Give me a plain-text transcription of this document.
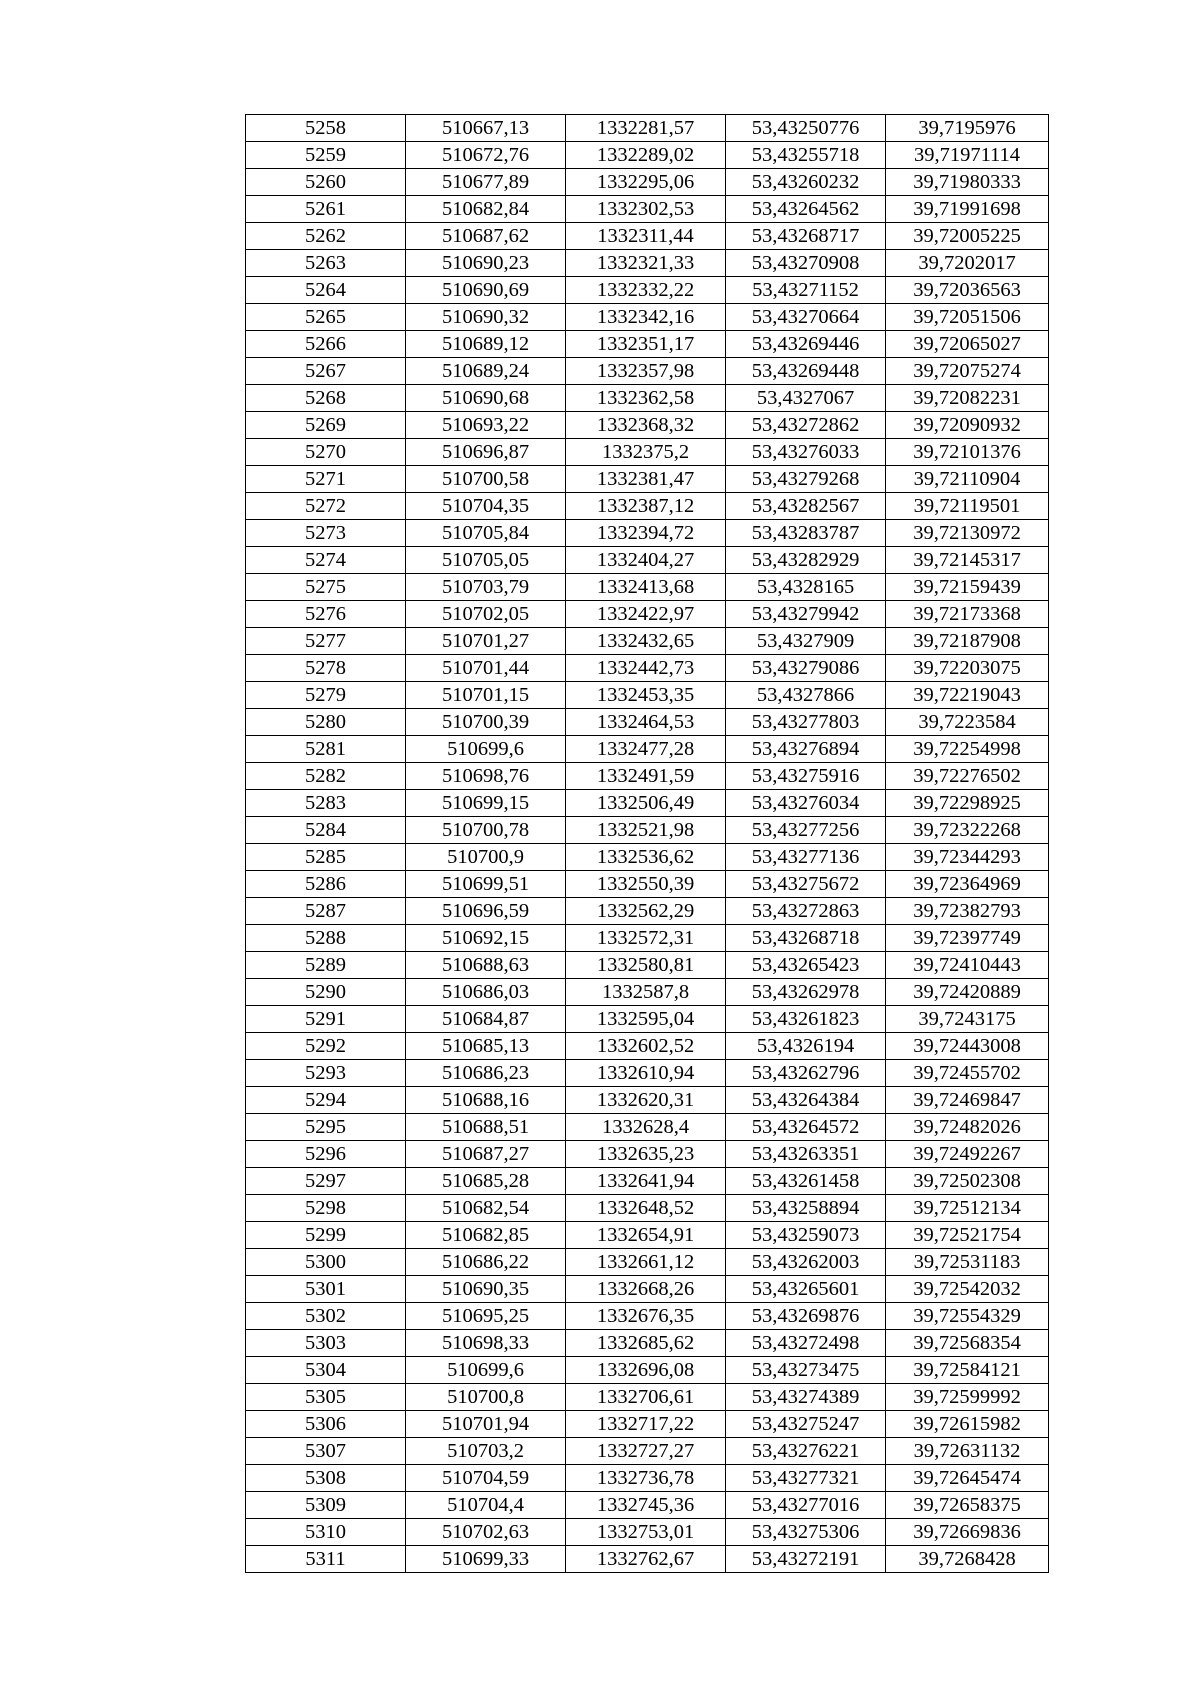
5258	510667,13	1332281,57	53,43250776	39,7195976
5259	510672,76	1332289,02	53,43255718	39,71971114
5260	510677,89	1332295,06	53,43260232	39,71980333
5261	510682,84	1332302,53	53,43264562	39,71991698
5262	510687,62	1332311,44	53,43268717	39,72005225
5263	510690,23	1332321,33	53,43270908	39,7202017
5264	510690,69	1332332,22	53,43271152	39,72036563
5265	510690,32	1332342,16	53,43270664	39,72051506
5266	510689,12	1332351,17	53,43269446	39,72065027
5267	510689,24	1332357,98	53,43269448	39,72075274
5268	510690,68	1332362,58	53,4327067	39,72082231
5269	510693,22	1332368,32	53,43272862	39,72090932
5270	510696,87	1332375,2	53,43276033	39,72101376
5271	510700,58	1332381,47	53,43279268	39,72110904
5272	510704,35	1332387,12	53,43282567	39,72119501
5273	510705,84	1332394,72	53,43283787	39,72130972
5274	510705,05	1332404,27	53,43282929	39,72145317
5275	510703,79	1332413,68	53,4328165	39,72159439
5276	510702,05	1332422,97	53,43279942	39,72173368
5277	510701,27	1332432,65	53,4327909	39,72187908
5278	510701,44	1332442,73	53,43279086	39,72203075
5279	510701,15	1332453,35	53,4327866	39,72219043
5280	510700,39	1332464,53	53,43277803	39,7223584
5281	510699,6	1332477,28	53,43276894	39,72254998
5282	510698,76	1332491,59	53,43275916	39,72276502
5283	510699,15	1332506,49	53,43276034	39,72298925
5284	510700,78	1332521,98	53,43277256	39,72322268
5285	510700,9	1332536,62	53,43277136	39,72344293
5286	510699,51	1332550,39	53,43275672	39,72364969
5287	510696,59	1332562,29	53,43272863	39,72382793
5288	510692,15	1332572,31	53,43268718	39,72397749
5289	510688,63	1332580,81	53,43265423	39,72410443
5290	510686,03	1332587,8	53,43262978	39,72420889
5291	510684,87	1332595,04	53,43261823	39,7243175
5292	510685,13	1332602,52	53,4326194	39,72443008
5293	510686,23	1332610,94	53,43262796	39,72455702
5294	510688,16	1332620,31	53,43264384	39,72469847
5295	510688,51	1332628,4	53,43264572	39,72482026
5296	510687,27	1332635,23	53,43263351	39,72492267
5297	510685,28	1332641,94	53,43261458	39,72502308
5298	510682,54	1332648,52	53,43258894	39,72512134
5299	510682,85	1332654,91	53,43259073	39,72521754
5300	510686,22	1332661,12	53,43262003	39,72531183
5301	510690,35	1332668,26	53,43265601	39,72542032
5302	510695,25	1332676,35	53,43269876	39,72554329
5303	510698,33	1332685,62	53,43272498	39,72568354
5304	510699,6	1332696,08	53,43273475	39,72584121
5305	510700,8	1332706,61	53,43274389	39,72599992
5306	510701,94	1332717,22	53,43275247	39,72615982
5307	510703,2	1332727,27	53,43276221	39,72631132
5308	510704,59	1332736,78	53,43277321	39,72645474
5309	510704,4	1332745,36	53,43277016	39,72658375
5310	510702,63	1332753,01	53,43275306	39,72669836
5311	510699,33	1332762,67	53,43272191	39,7268428
